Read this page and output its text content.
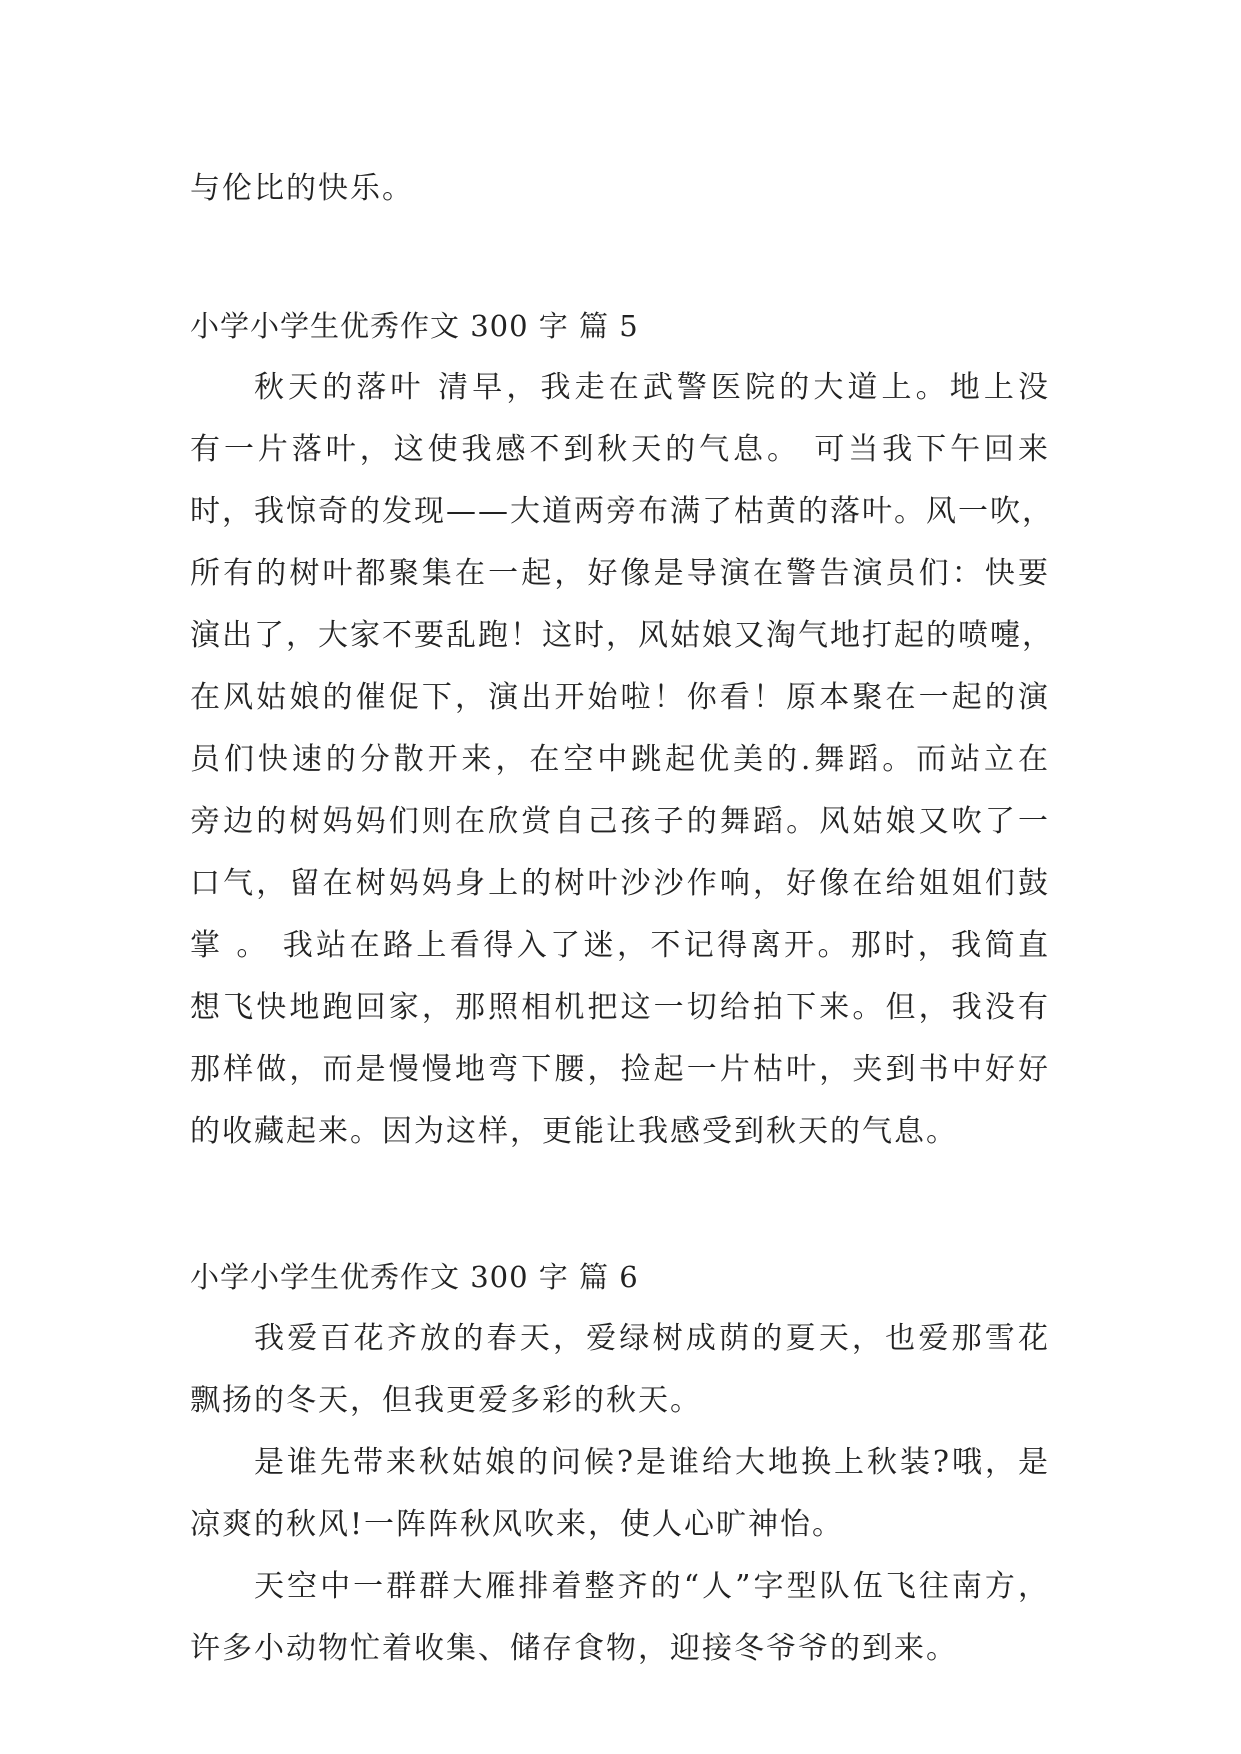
与伦比的快乐。

小学小学生优秀作文 300 字 篇 5

秋天的落叶 清早，我走在武警医院的大道上。地上没

有一片落叶，这使我感不到秋天的气息。 可当我下午回来

时，我惊奇的发现——大道两旁布满了枯黄的落叶。风一吹，

所有的树叶都聚集在一起，好像是导演在警告演员们：快要

演出了，大家不要乱跑！这时，风姑娘又淘气地打起的喷嚏，

在风姑娘的催促下，演出开始啦！你看！原本聚在一起的演

员们快速的分散开来，在空中跳起优美的.舞蹈。而站立在

旁边的树妈妈们则在欣赏自己孩子的舞蹈。风姑娘又吹了一

口气，留在树妈妈身上的树叶沙沙作响，好像在给姐姐们鼓

掌 。 我站在路上看得入了迷，不记得离开。那时，我简直

想飞快地跑回家，那照相机把这一切给拍下来。但，我没有

那样做，而是慢慢地弯下腰，捡起一片枯叶，夹到书中好好

的收藏起来。因为这样，更能让我感受到秋天的气息。

小学小学生优秀作文 300 字 篇 6

我爱百花齐放的春天，爱绿树成荫的夏天，也爱那雪花

飘扬的冬天，但我更爱多彩的秋天。

是谁先带来秋姑娘的问候?是谁给大地换上秋装?哦，是

凉爽的秋风!一阵阵秋风吹来，使人心旷神怡。

天空中一群群大雁排着整齐的“人”字型队伍飞往南方，

许多小动物忙着收集、储存食物，迎接冬爷爷的到来。
